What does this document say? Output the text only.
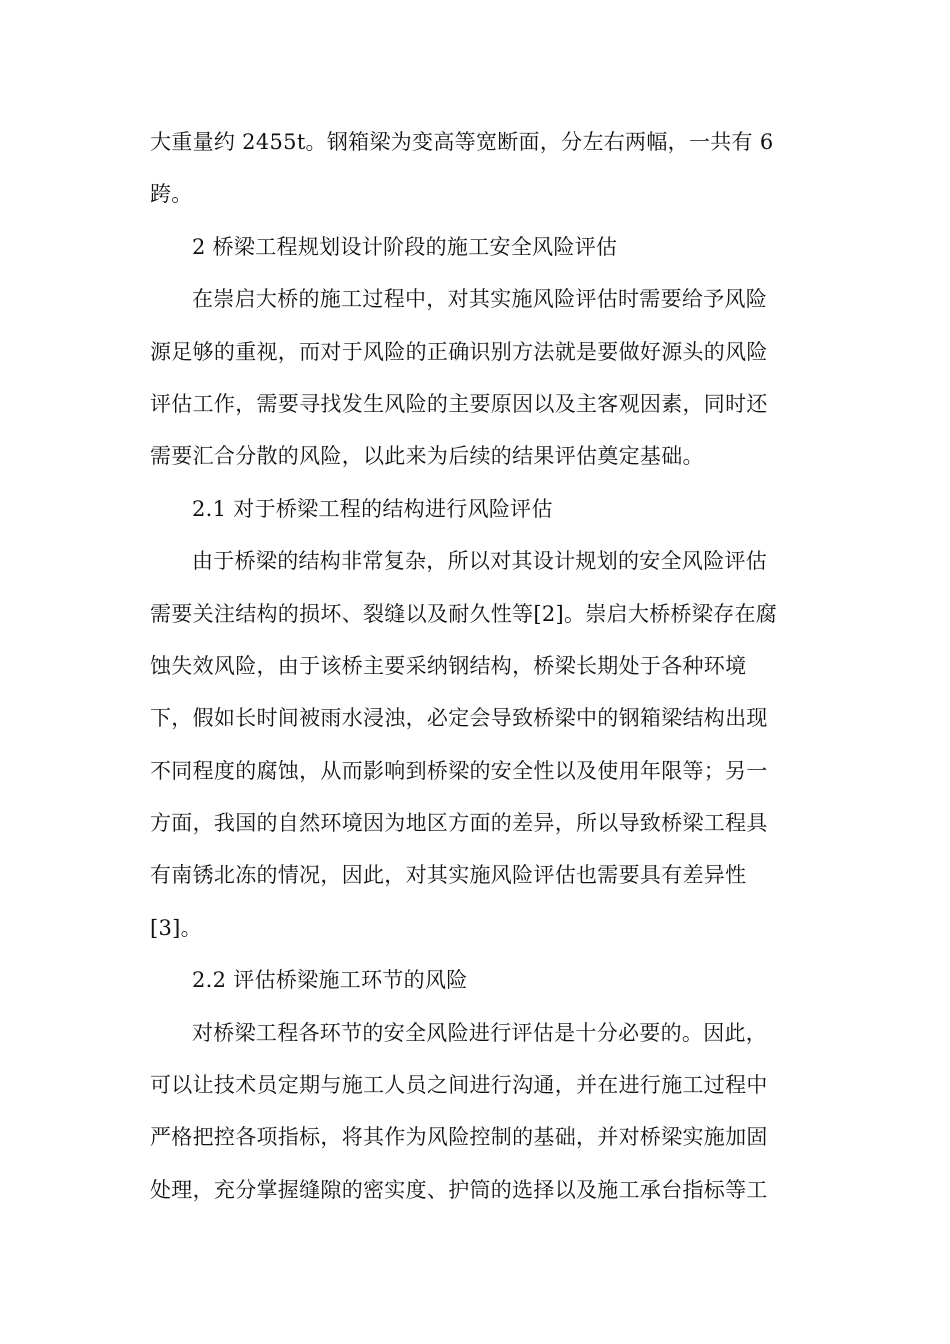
大重量约 2455t。钢箱梁为变高等宽断面，分左右两幅，一共有 6
跨。
2 桥梁工程规划设计阶段的施工安全风险评估
在崇启大桥的施工过程中，对其实施风险评估时需要给予风险
源足够的重视，而对于风险的正确识别方法就是要做好源头的风险
评估工作，需要寻找发生风险的主要原因以及主客观因素，同时还
需要汇合分散的风险，以此来为后续的结果评估奠定基础。
2.1 对于桥梁工程的结构进行风险评估
由于桥梁的结构非常复杂，所以对其设计规划的安全风险评估
需要关注结构的损坏、裂缝以及耐久性等[2]。崇启大桥桥梁存在腐
蚀失效风险，由于该桥主要采纳钢结构，桥梁长期处于各种环境
下，假如长时间被雨水浸浊，必定会导致桥梁中的钢箱梁结构出现
不同程度的腐蚀，从而影响到桥梁的安全性以及使用年限等；另一
方面，我国的自然环境因为地区方面的差异，所以导致桥梁工程具
有南锈北冻的情况，因此，对其实施风险评估也需要具有差异性
[3]。
2.2 评估桥梁施工环节的风险
对桥梁工程各环节的安全风险进行评估是十分必要的。因此，
可以让技术员定期与施工人员之间进行沟通，并在进行施工过程中
严格把控各项指标，将其作为风险控制的基础，并对桥梁实施加固
处理，充分掌握缝隙的密实度、护筒的选择以及施工承台指标等工
